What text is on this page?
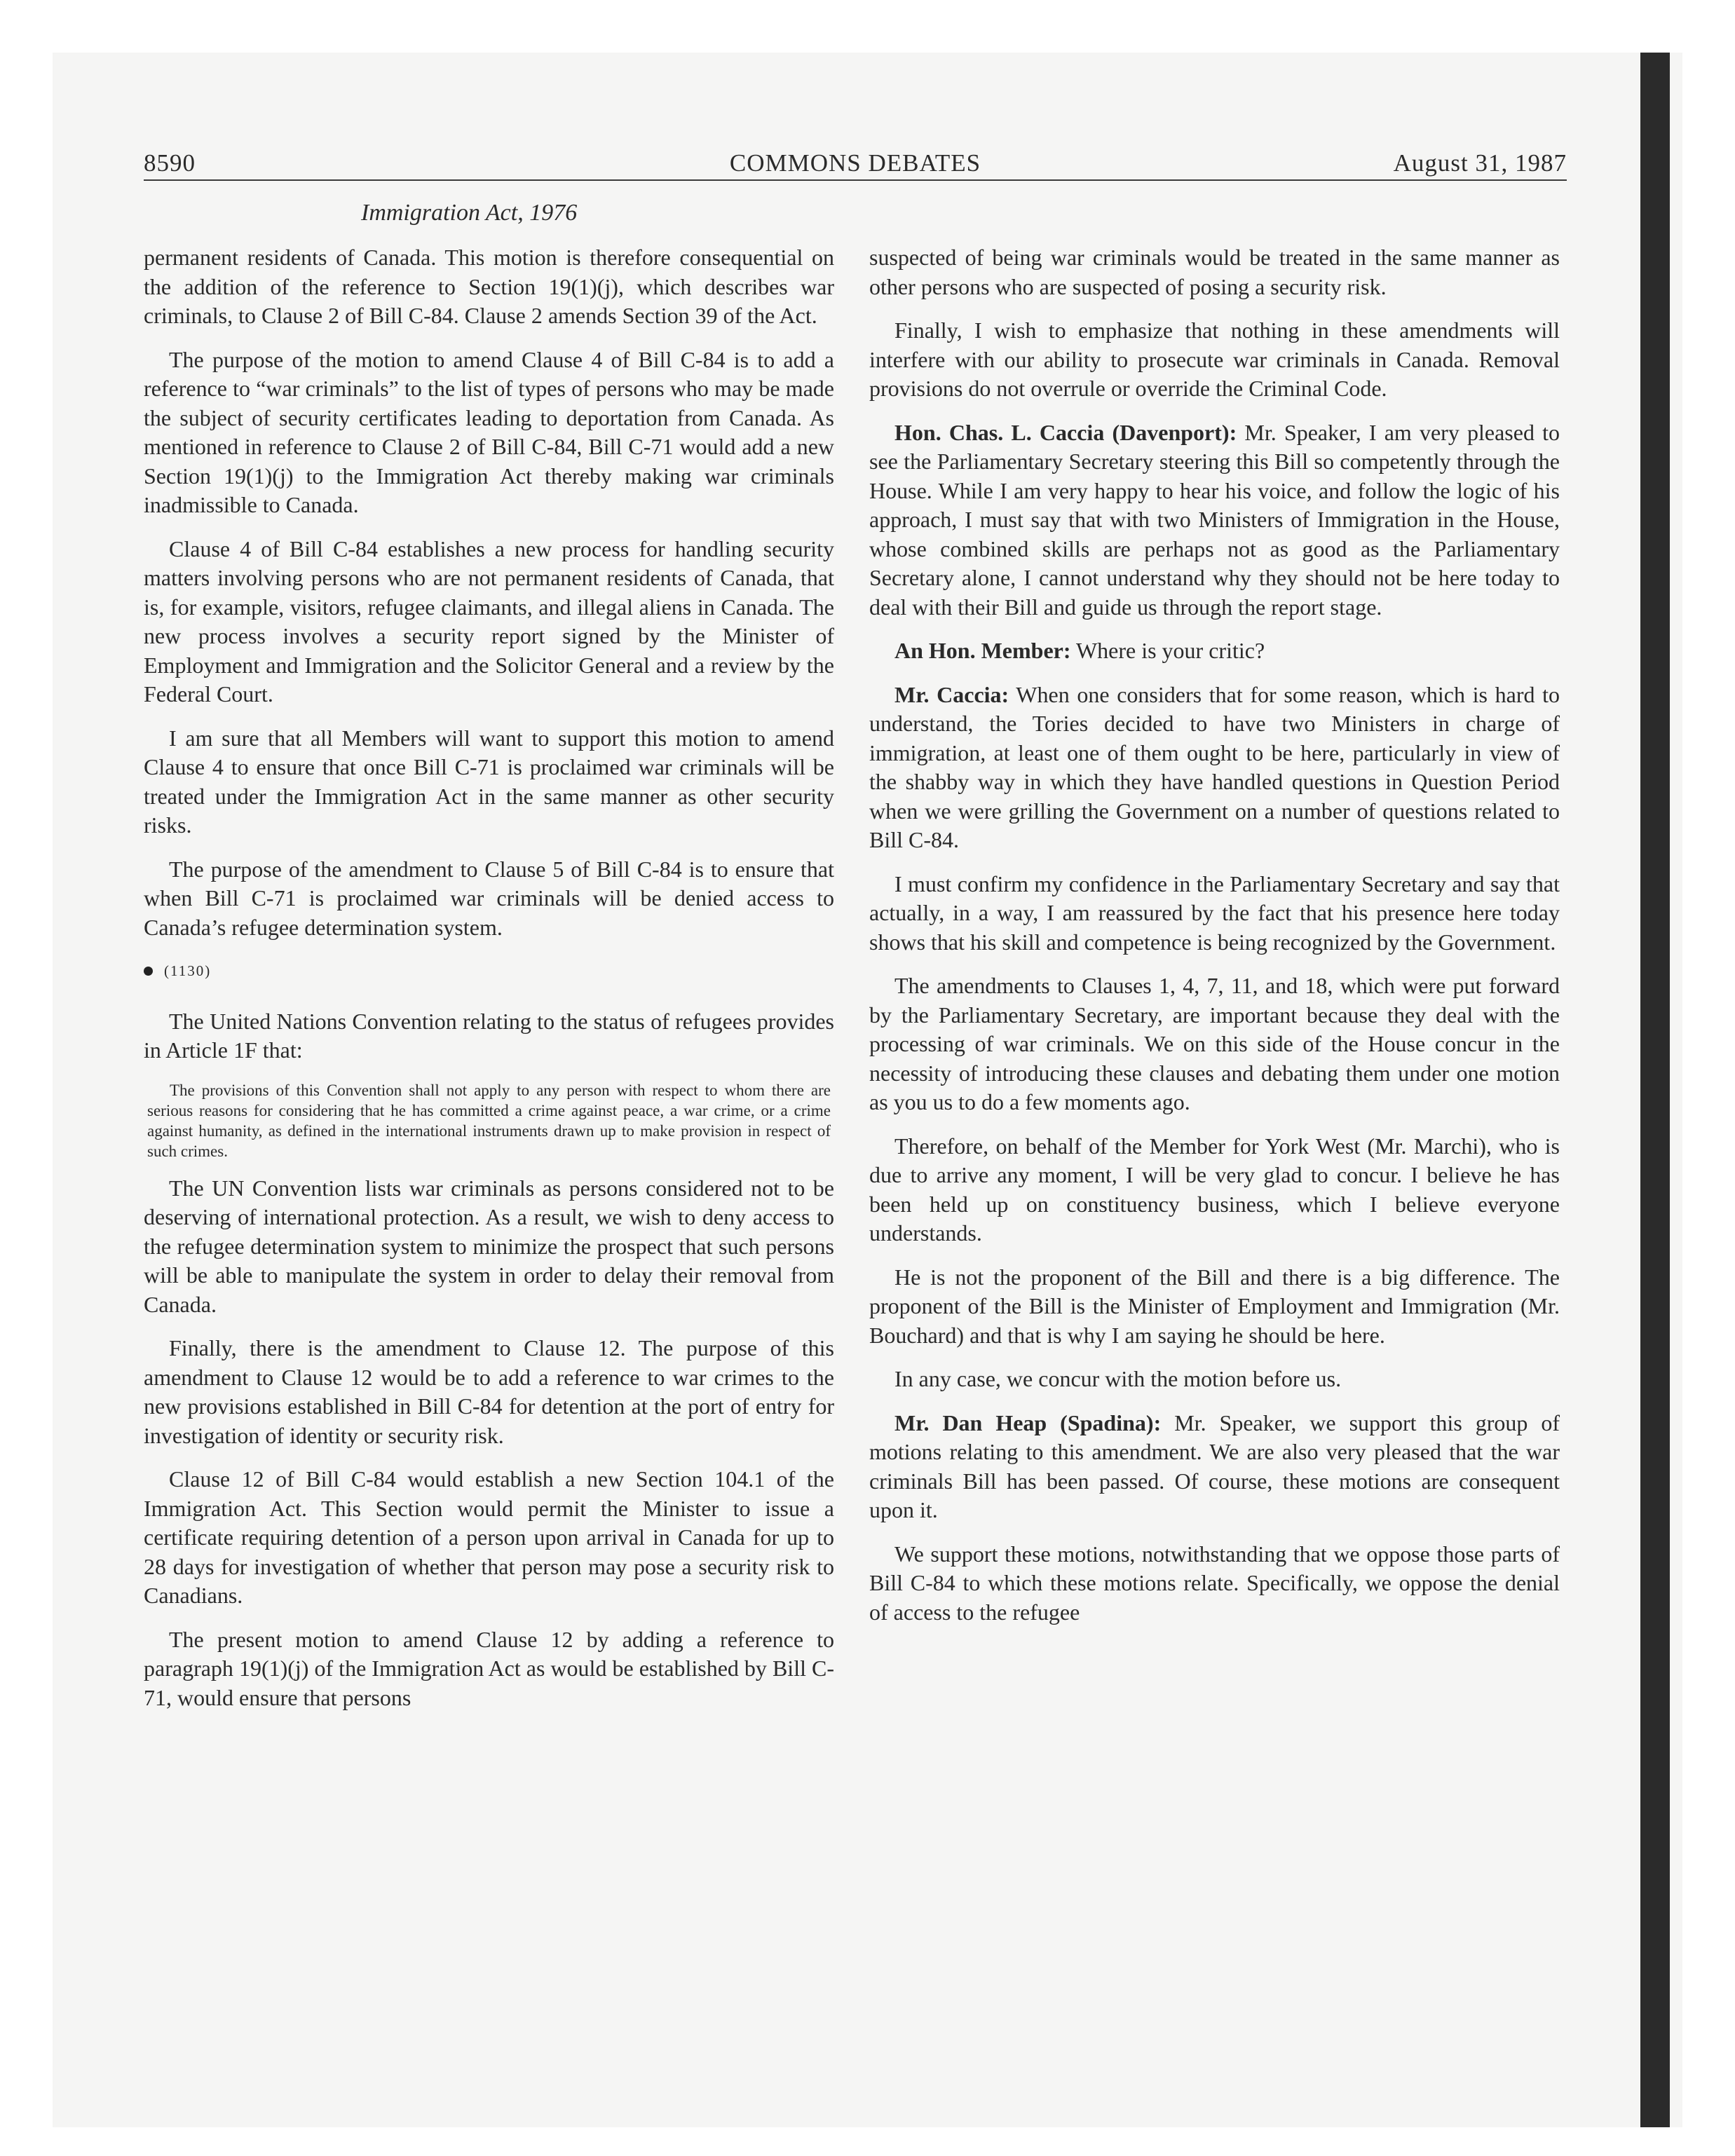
8590	COMMONS DEBATES	August 31, 1987
Immigration Act, 1976

permanent residents of Canada. This motion is therefore consequential on the addition of the reference to Section 19(1)(j), which describes war criminals, to Clause 2 of Bill C-84. Clause 2 amends Section 39 of the Act.

The purpose of the motion to amend Clause 4 of Bill C-84 is to add a reference to “war criminals” to the list of types of persons who may be made the subject of security certificates leading to deportation from Canada. As mentioned in reference to Clause 2 of Bill C-84, Bill C-71 would add a new Section 19(1)(j) to the Immigration Act thereby making war criminals inadmissible to Canada.

Clause 4 of Bill C-84 establishes a new process for handling security matters involving persons who are not permanent residents of Canada, that is, for example, visitors, refugee claimants, and illegal aliens in Canada. The new process involves a security report signed by the Minister of Employment and Immigration and the Solicitor General and a review by the Federal Court.

I am sure that all Members will want to support this motion to amend Clause 4 to ensure that once Bill C-71 is proclaimed war criminals will be treated under the Immigration Act in the same manner as other security risks.

The purpose of the amendment to Clause 5 of Bill C-84 is to ensure that when Bill C-71 is proclaimed war criminals will be denied access to Canada’s refugee determination system.

(1130)

The United Nations Convention relating to the status of refugees provides in Article 1F that:

The provisions of this Convention shall not apply to any person with respect to whom there are serious reasons for considering that he has committed a crime against peace, a war crime, or a crime against humanity, as defined in the international instruments drawn up to make provision in respect of such crimes.

The UN Convention lists war criminals as persons considered not to be deserving of international protection. As a result, we wish to deny access to the refugee determination system to minimize the prospect that such persons will be able to manipulate the system in order to delay their removal from Canada.

Finally, there is the amendment to Clause 12. The purpose of this amendment to Clause 12 would be to add a reference to war crimes to the new provisions established in Bill C-84 for detention at the port of entry for investigation of identity or security risk.

Clause 12 of Bill C-84 would establish a new Section 104.1 of the Immigration Act. This Section would permit the Minister to issue a certificate requiring detention of a person upon arrival in Canada for up to 28 days for investigation of whether that person may pose a security risk to Canadians.

The present motion to amend Clause 12 by adding a reference to paragraph 19(1)(j) of the Immigration Act as would be established by Bill C-71, would ensure that persons

suspected of being war criminals would be treated in the same manner as other persons who are suspected of posing a security risk.

Finally, I wish to emphasize that nothing in these amendments will interfere with our ability to prosecute war criminals in Canada. Removal provisions do not overrule or override the Criminal Code.

Hon. Chas. L. Caccia (Davenport): Mr. Speaker, I am very pleased to see the Parliamentary Secretary steering this Bill so competently through the House. While I am very happy to hear his voice, and follow the logic of his approach, I must say that with two Ministers of Immigration in the House, whose combined skills are perhaps not as good as the Parliamentary Secretary alone, I cannot understand why they should not be here today to deal with their Bill and guide us through the report stage.

An Hon. Member: Where is your critic?

Mr. Caccia: When one considers that for some reason, which is hard to understand, the Tories decided to have two Ministers in charge of immigration, at least one of them ought to be here, particularly in view of the shabby way in which they have handled questions in Question Period when we were grilling the Government on a number of questions related to Bill C-84.

I must confirm my confidence in the Parliamentary Secretary and say that actually, in a way, I am reassured by the fact that his presence here today shows that his skill and competence is being recognized by the Government.

The amendments to Clauses 1, 4, 7, 11, and 18, which were put forward by the Parliamentary Secretary, are important because they deal with the processing of war criminals. We on this side of the House concur in the necessity of introducing these clauses and debating them under one motion as you us to do a few moments ago.

Therefore, on behalf of the Member for York West (Mr. Marchi), who is due to arrive any moment, I will be very glad to concur. I believe he has been held up on constituency business, which I believe everyone understands.

He is not the proponent of the Bill and there is a big difference. The proponent of the Bill is the Minister of Employment and Immigration (Mr. Bouchard) and that is why I am saying he should be here.

In any case, we concur with the motion before us.

Mr. Dan Heap (Spadina): Mr. Speaker, we support this group of motions relating to this amendment. We are also very pleased that the war criminals Bill has been passed. Of course, these motions are consequent upon it.

We support these motions, notwithstanding that we oppose those parts of Bill C-84 to which these motions relate. Specifically, we oppose the denial of access to the refugee
